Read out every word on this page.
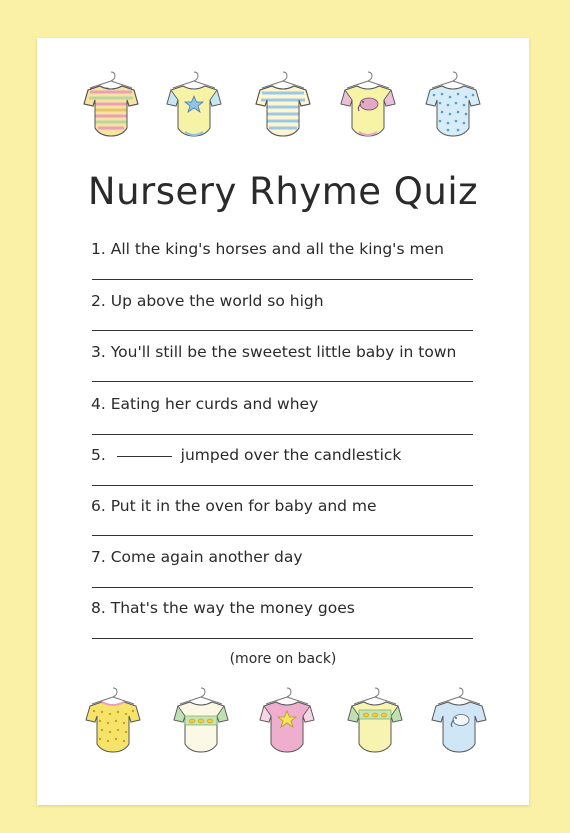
Nursery Rhyme Quiz
1. All the king's horses and all the king's men
2. Up above the world so high
3. You'll still be the sweetest little baby in town
4. Eating her curds and whey
5.	jumped over the candlestick
6. Put it in the oven for baby and me
7. Come again another day
8. That's the way the money goes
(more on back)
